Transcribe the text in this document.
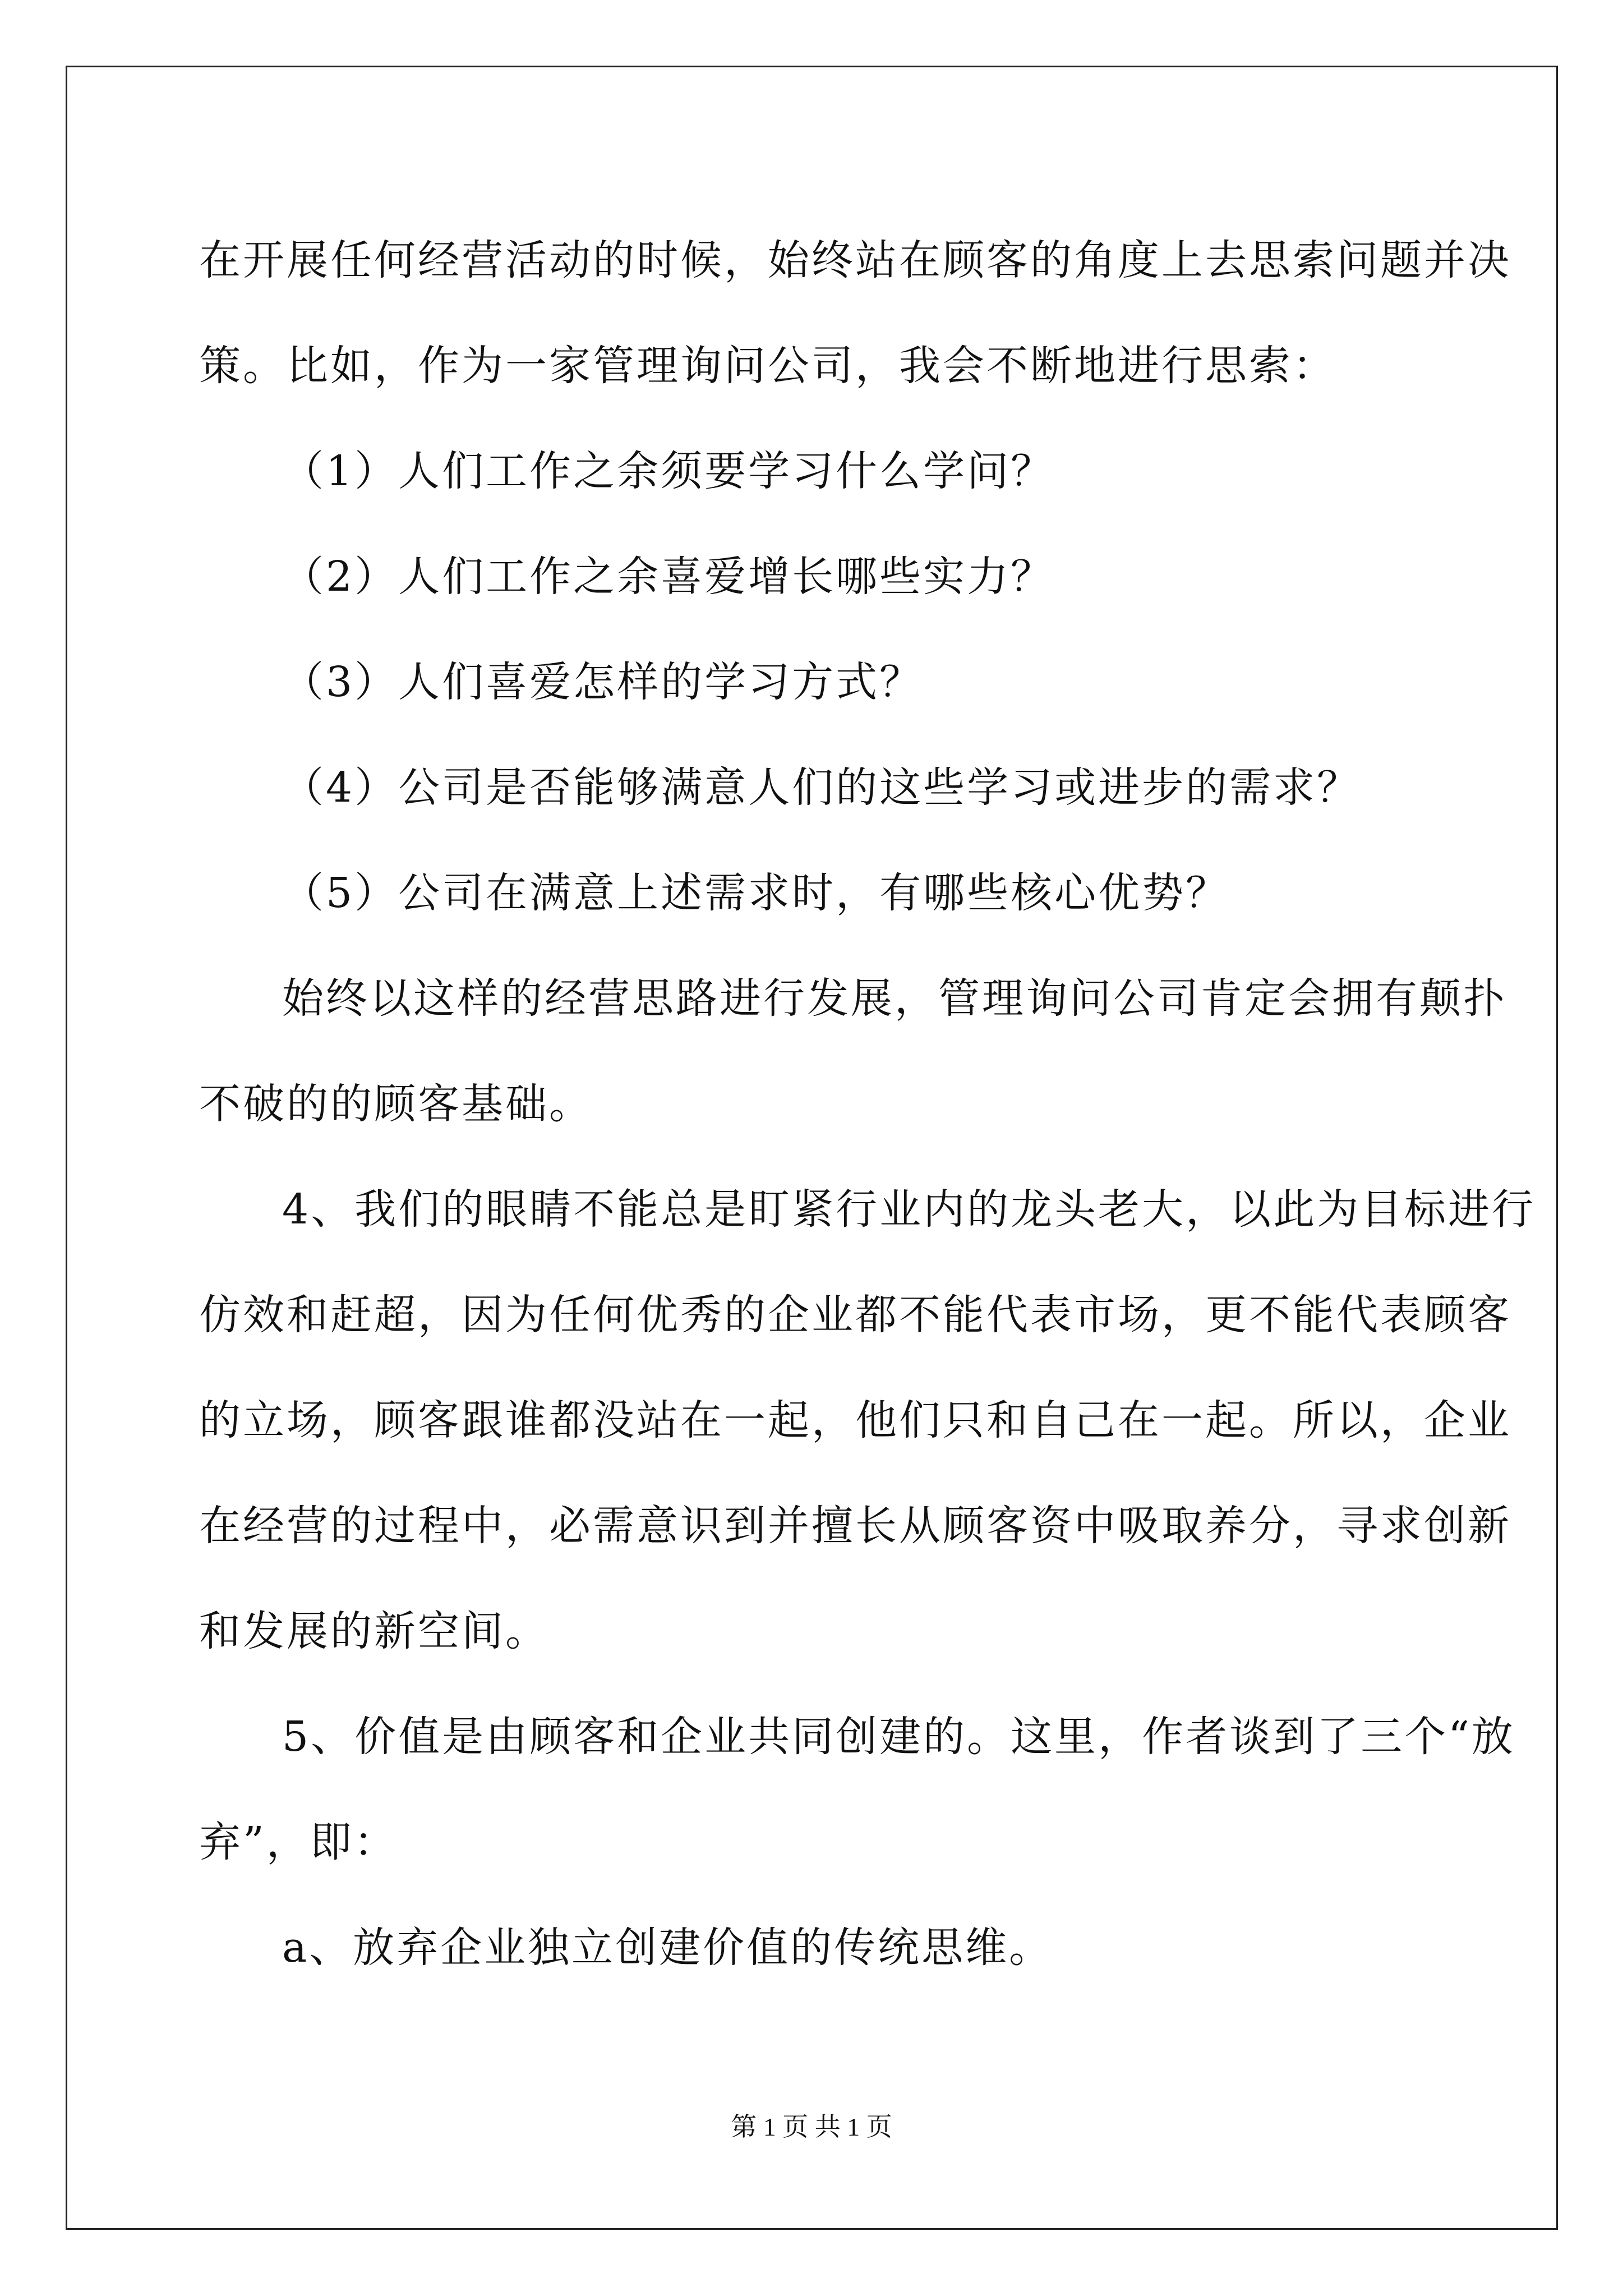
在开展任何经营活动的时候，始终站在顾客的角度上去思索问题并决
策。比如，作为一家管理询问公司，我会不断地进行思索：
（1）人们工作之余须要学习什么学问？
（2）人们工作之余喜爱增长哪些实力？
（3）人们喜爱怎样的学习方式？
（4）公司是否能够满意人们的这些学习或进步的需求？
（5）公司在满意上述需求时，有哪些核心优势？
始终以这样的经营思路进行发展，管理询问公司肯定会拥有颠扑
不破的的顾客基础。
4、我们的眼睛不能总是盯紧行业内的龙头老大，以此为目标进行
仿效和赶超，因为任何优秀的企业都不能代表市场，更不能代表顾客
的立场，顾客跟谁都没站在一起，他们只和自己在一起。所以，企业
在经营的过程中，必需意识到并擅长从顾客资中吸取养分，寻求创新
和发展的新空间。
5、价值是由顾客和企业共同创建的。这里，作者谈到了三个“放
弃”，即：
a、放弃企业独立创建价值的传统思维。
第 1 页 共 1 页
